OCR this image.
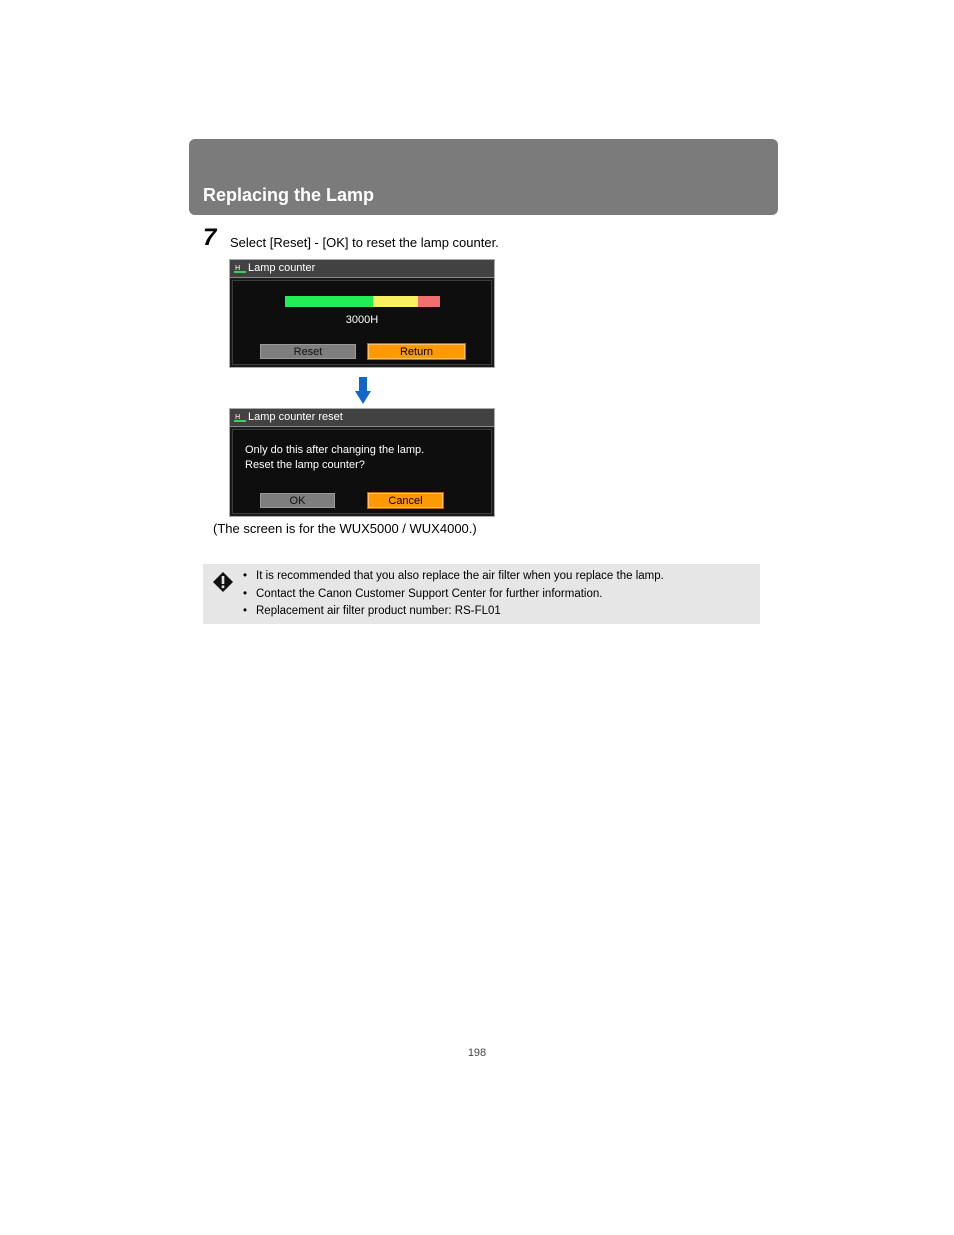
Replacing the Lamp
7 Select [Reset] - [OK] to reset the lamp counter.
H Lamp counter
3000H
Reset	Return
H Lamp counter reset
Only do this after changing the lamp.
Reset the lamp counter?
OK	Cancel
(The screen is for the WUX5000 / WUX4000.)
• It is recommended that you also replace the air filter when you replace the lamp.
• Contact the Canon Customer Support Center for further information.
• Replacement air filter product number: RS-FL01
198
